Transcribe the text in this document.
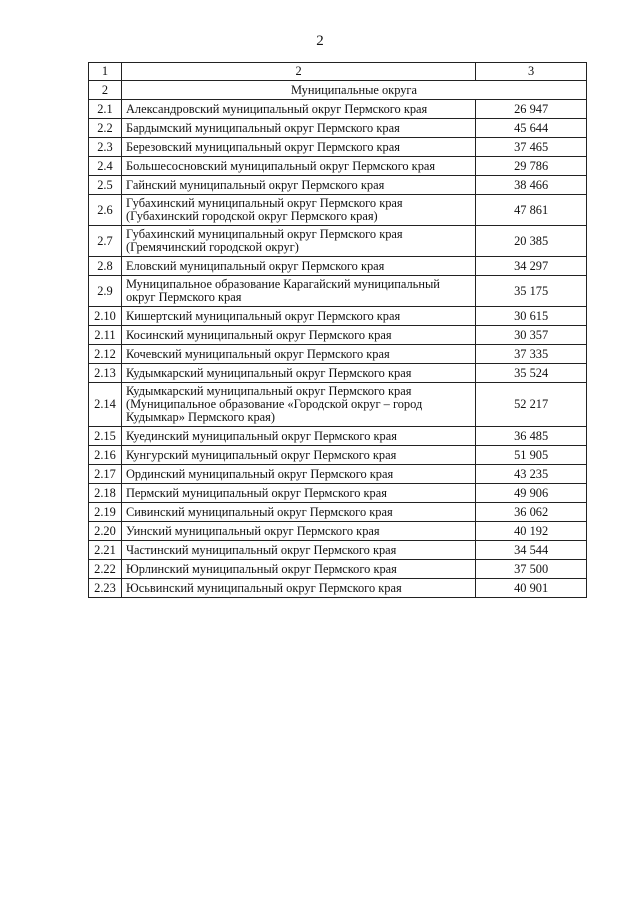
2
1	2	3
2	Муниципальные округа	
2.1	Александровский муниципальный округ Пермского края	26 947
2.2	Бардымский муниципальный округ Пермского края	45 644
2.3	Березовский муниципальный округ Пермского края	37 465
2.4	Большесосновский муниципальный округ Пермского края	29 786
2.5	Гайнский муниципальный округ Пермского края	38 466
2.6	Губахинский муниципальный округ Пермского края (Губахинский городской округ Пермского края)	47 861
2.7	Губахинский муниципальный округ Пермского края (Гремячинский городской округ)	20 385
2.8	Еловский муниципальный округ Пермского края	34 297
2.9	Муниципальное образование Карагайский муниципальный округ Пермского края	35 175
2.10	Кишертский муниципальный округ Пермского края	30 615
2.11	Косинский муниципальный округ Пермского края	30 357
2.12	Кочевский муниципальный округ Пермского края	37 335
2.13	Кудымкарский муниципальный округ Пермского края	35 524
2.14	Кудымкарский муниципальный округ Пермского края (Муниципальное образование «Городской округ – город Кудымкар» Пермского края)	52 217
2.15	Куединский муниципальный округ Пермского края	36 485
2.16	Кунгурский муниципальный округ Пермского края	51 905
2.17	Ординский муниципальный округ Пермского края	43 235
2.18	Пермский муниципальный округ Пермского края	49 906
2.19	Сивинский муниципальный округ Пермского края	36 062
2.20	Уинский муниципальный округ Пермского края	40 192
2.21	Частинский муниципальный округ Пермского края	34 544
2.22	Юрлинский муниципальный округ Пермского края	37 500
2.23	Юсьвинский муниципальный округ Пермского края	40 901
